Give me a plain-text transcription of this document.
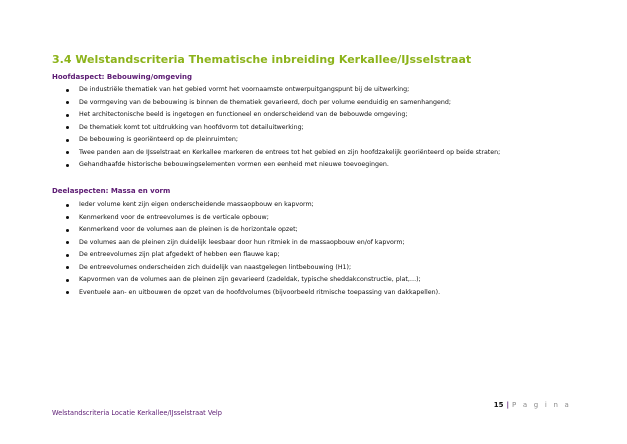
3.4 Welstandscriteria Thematische inbreiding Kerkallee/IJsselstraat
Hoofdaspect: Bebouwing/omgeving
De industriële thematiek van het gebied vormt het voornaamste ontwerpuitgangspunt bij de uitwerking;
De vormgeving van de bebouwing is binnen de thematiek gevarieerd, doch per volume eenduidig en samenhangend;
Het architectonische beeld is ingetogen en functioneel en onderscheidend van de bebouwde omgeving;
De thematiek komt tot uitdrukking van hoofdvorm tot detailuitwerking;
De bebouwing is georiënteerd op de pleinruimten;
Twee panden aan de IJsselstraat en Kerkallee markeren de entrees tot het gebied en zijn hoofdzakelijk georiënteerd op beide straten;
Gehandhaafde historische bebouwingselementen vormen een eenheid met nieuwe toevoegingen.
Deelaspecten: Massa en vorm
Ieder volume kent zijn eigen onderscheidende massaopbouw en kapvorm;
Kenmerkend voor de entreevolumes is de verticale opbouw;
Kenmerkend voor de volumes aan de pleinen is de horizontale opzet;
De volumes aan de pleinen zijn duidelijk leesbaar door hun ritmiek in de massaopbouw en/of kapvorm;
De entreevolumes zijn plat afgedekt of hebben een flauwe kap;
De entreevolumes onderscheiden zich duidelijk van naastgelegen lintbebouwing (H1);
Kapvormen van de volumes aan de pleinen zijn gevarieerd (zadeldak, typische sheddakconstructie, plat,…);
Eventuele aan- en uitbouwen de opzet van de hoofdvolumes (bijvoorbeeld ritmische toepassing van dakkapellen).
15 | P a g i n a
Welstandscriteria Locatie Kerkallee/IJsselstraat Velp
